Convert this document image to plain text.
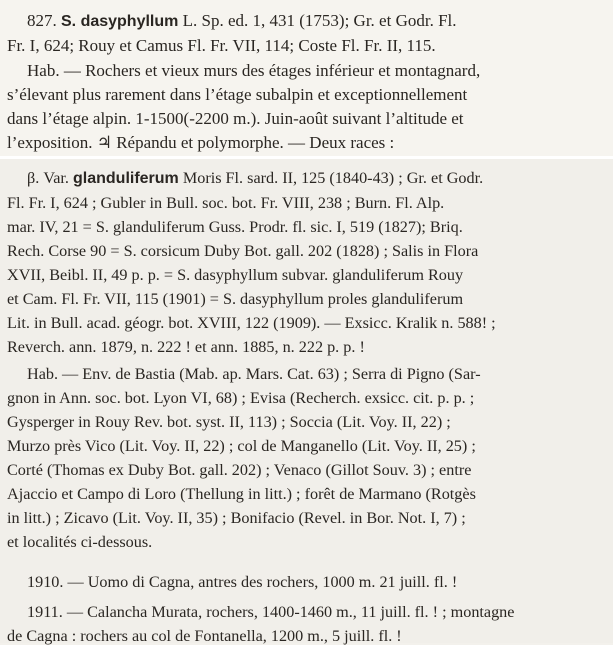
827. S. dasyphyllum L. Sp. ed. 1, 431 (1753); Gr. et Godr. Fl.
Fr. I, 624; Rouy et Camus Fl. Fr. VII, 114; Coste Fl. Fr. II, 115.
Hab. — Rochers et vieux murs des étages inférieur et montagnard,
s’élevant plus rarement dans l’étage subalpin et exceptionnellement
dans l’étage alpin. 1-1500(-2200 m.). Juin-août suivant l’altitude et
l’exposition. ♃ Répandu et polymorphe. — Deux races :
β. Var. glanduliferum Moris Fl. sard. II, 125 (1840-43) ; Gr. et Godr.
Fl. Fr. I, 624 ; Gubler in Bull. soc. bot. Fr. VIII, 238 ; Burn. Fl. Alp.
mar. IV, 21 = S. glanduliferum Guss. Prodr. fl. sic. I, 519 (1827); Briq.
Rech. Corse 90 = S. corsicum Duby Bot. gall. 202 (1828) ; Salis in Flora
XVII, Beibl. II, 49 p. p. = S. dasyphyllum subvar. glanduliferum Rouy
et Cam. Fl. Fr. VII, 115 (1901) = S. dasyphyllum proles glanduliferum
Lit. in Bull. acad. géogr. bot. XVIII, 122 (1909). — Exsicc. Kralik n. 588! ;
Reverch. ann. 1879, n. 222 ! et ann. 1885, n. 222 p. p. !
Hab. — Env. de Bastia (Mab. ap. Mars. Cat. 63) ; Serra di Pigno (Sar-
gnon in Ann. soc. bot. Lyon VI, 68) ; Evisa (Recherch. exsicc. cit. p. p. ;
Gysperger in Rouy Rev. bot. syst. II, 113) ; Soccia (Lit. Voy. II, 22) ;
Murzo près Vico (Lit. Voy. II, 22) ; col de Manganello (Lit. Voy. II, 25) ;
Corté (Thomas ex Duby Bot. gall. 202) ; Venaco (Gillot Souv. 3) ; entre
Ajaccio et Campo di Loro (Thellung in litt.) ; forêt de Marmano (Rotgès
in litt.) ; Zicavo (Lit. Voy. II, 35) ; Bonifacio (Revel. in Bor. Not. I, 7) ;
et localités ci-dessous.
1910. — Uomo di Cagna, antres des rochers, 1000 m. 21 juill. fl. !
1911. — Calancha Murata, rochers, 1400-1460 m., 11 juill. fl. ! ; montagne
de Cagna : rochers au col de Fontanella, 1200 m., 5 juill. fl. !
